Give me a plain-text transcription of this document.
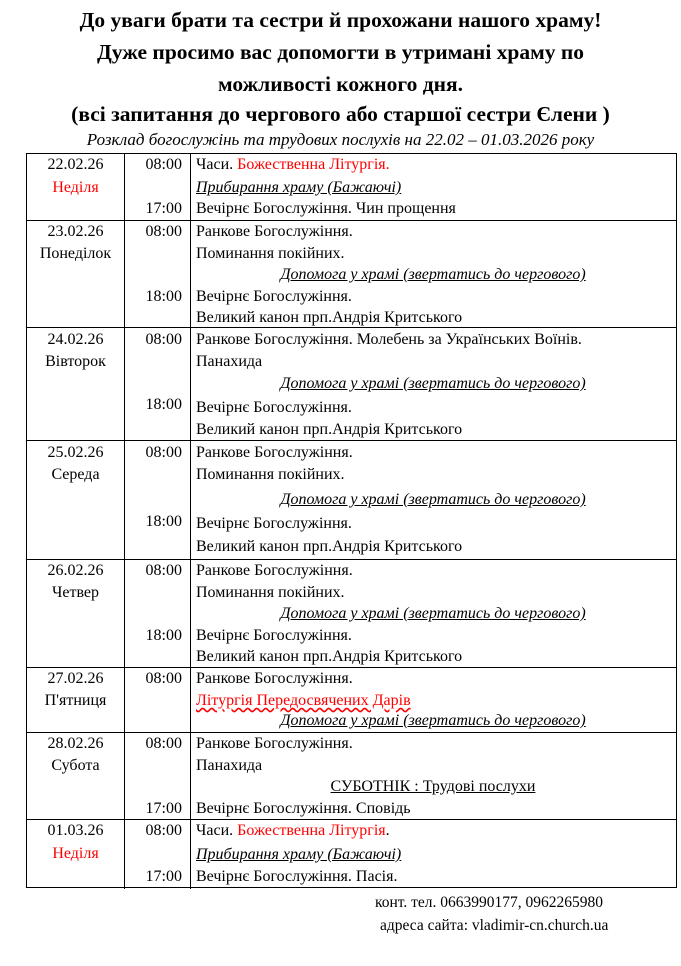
До уваги брати та сестри й прохожани нашого храму!
Дуже просимо вас допомогти в утримані храму по
можливості кожного дня.
(всі запитання до чергового або старшої сестри Єлени )
Розклад богослужінь та трудових послухів на 22.02 – 01.03.2026 року
22.02.26
Неділя
08:00
17:00
Часи. Божественна Літургія.
Прибирання храму (Бажаючі)
Вечірнє Богослужіння. Чин прощення
23.02.26
Понеділок
08:00
18:00
Ранкове Богослужіння.
Поминання покійних.
Допомога у храмі (звертатись до чергового)
Вечірнє Богослужіння.
Великий канон прп.Андрія Критського
24.02.26
Вівторок
08:00
18:00
Ранкове Богослужіння. Молебень за Українських Воїнів.
Панахида
Допомога у храмі (звертатись до чергового)
Вечірнє Богослужіння.
Великий канон прп.Андрія Критського
25.02.26
Середа
08:00
18:00
Ранкове Богослужіння.
Поминання покійних.
Допомога у храмі (звертатись до чергового)
Вечірнє Богослужіння.
Великий канон прп.Андрія Критського
26.02.26
Четвер
08:00
18:00
Ранкове Богослужіння.
Поминання покійних.
Допомога у храмі (звертатись до чергового)
Вечірнє Богослужіння.
Великий канон прп.Андрія Критського
27.02.26
П'ятниця
08:00 Ранкове Богослужіння.
Літургія Передосвячених Дарів
Допомога у храмі (звертатись до чергового)
28.02.26
Субота
08:00
17:00
Ранкове Богослужіння.
Панахида
СУБОТНІК : Трудові послухи
Вечірнє Богослужіння. Сповідь
01.03.26
Неділя
08:00
17:00
Часи. Божественна Літургія.
Прибирання храму (Бажаючі)
Вечірнє Богослужіння. Пасія.
конт. тел. 0663990177, 0962265980
адреса сайта: vladimir-cn.church.ua
